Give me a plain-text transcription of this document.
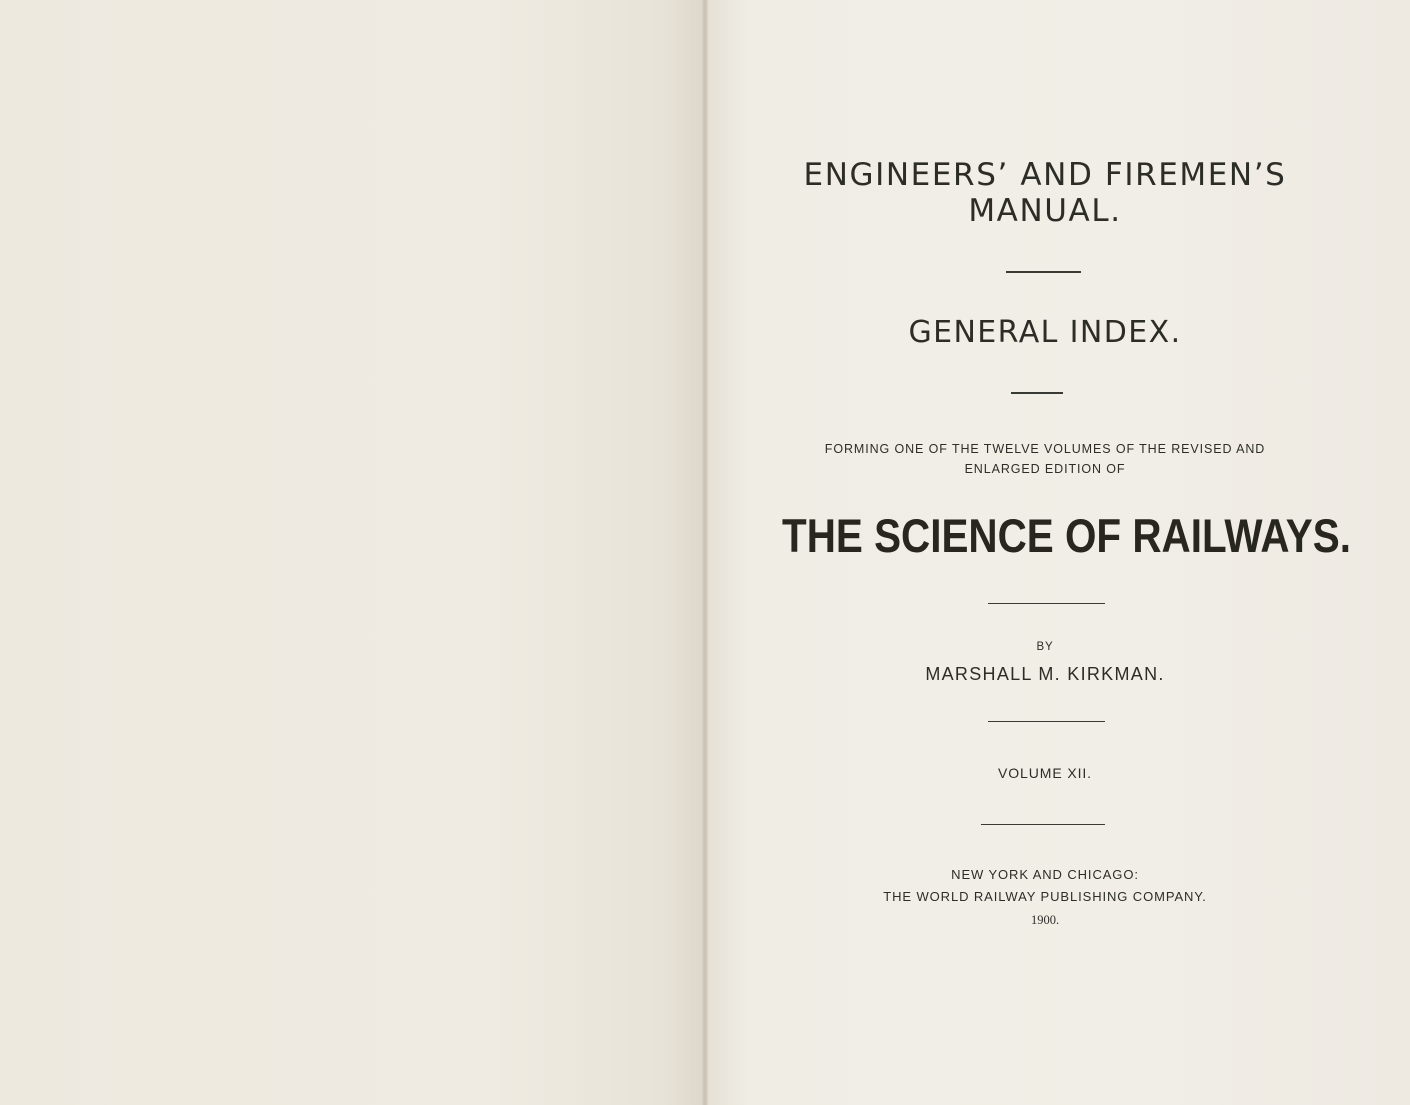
ENGINEERS’ AND FIREMEN’S
MANUAL.
GENERAL INDEX.
FORMING ONE OF THE TWELVE VOLUMES OF THE REVISED AND
ENLARGED EDITION OF
THE SCIENCE OF RAILWAYS.
BY
MARSHALL M. KIRKMAN.
VOLUME XII.
NEW YORK AND CHICAGO:
THE WORLD RAILWAY PUBLISHING COMPANY.
1900.
